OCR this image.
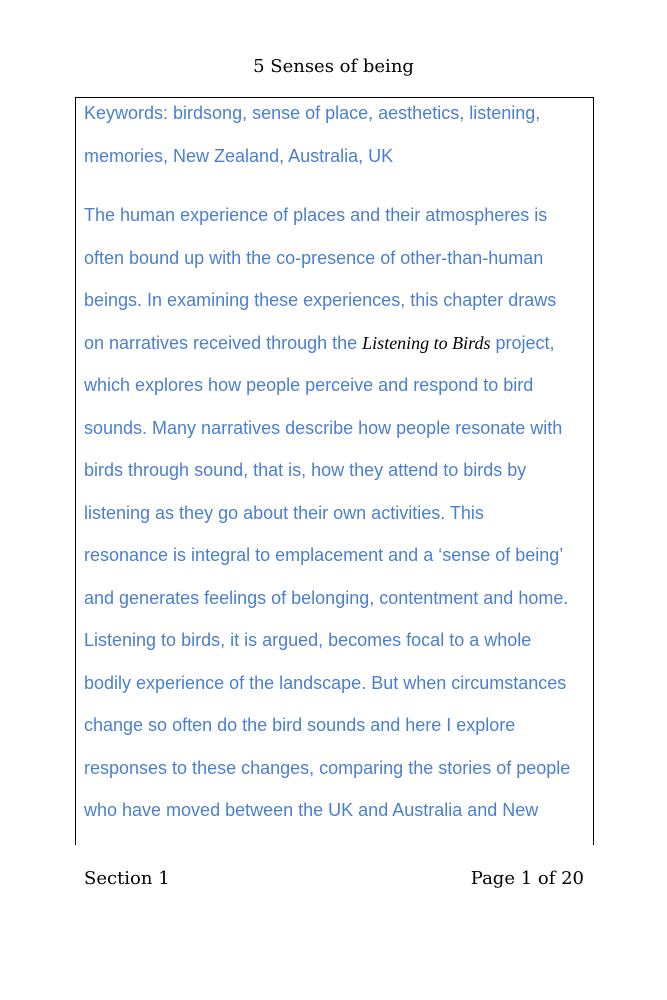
5 Senses of being
Keywords: birdsong, sense of place, aesthetics, listening,
memories, New Zealand, Australia, UK
The human experience of places and their atmospheres is
often bound up with the co-presence of other-than-human
beings. In examining these experiences, this chapter draws
on narratives received through the Listening to Birds project,
which explores how people perceive and respond to bird
sounds. Many narratives describe how people resonate with
birds through sound, that is, how they attend to birds by
listening as they go about their own activities. This
resonance is integral to emplacement and a ‘sense of being’
and generates feelings of belonging, contentment and home.
Listening to birds, it is argued, becomes focal to a whole
bodily experience of the landscape. But when circumstances
change so often do the bird sounds and here I explore
responses to these changes, comparing the stories of people
who have moved between the UK and Australia and New
Section 1	Page 1 of 20
